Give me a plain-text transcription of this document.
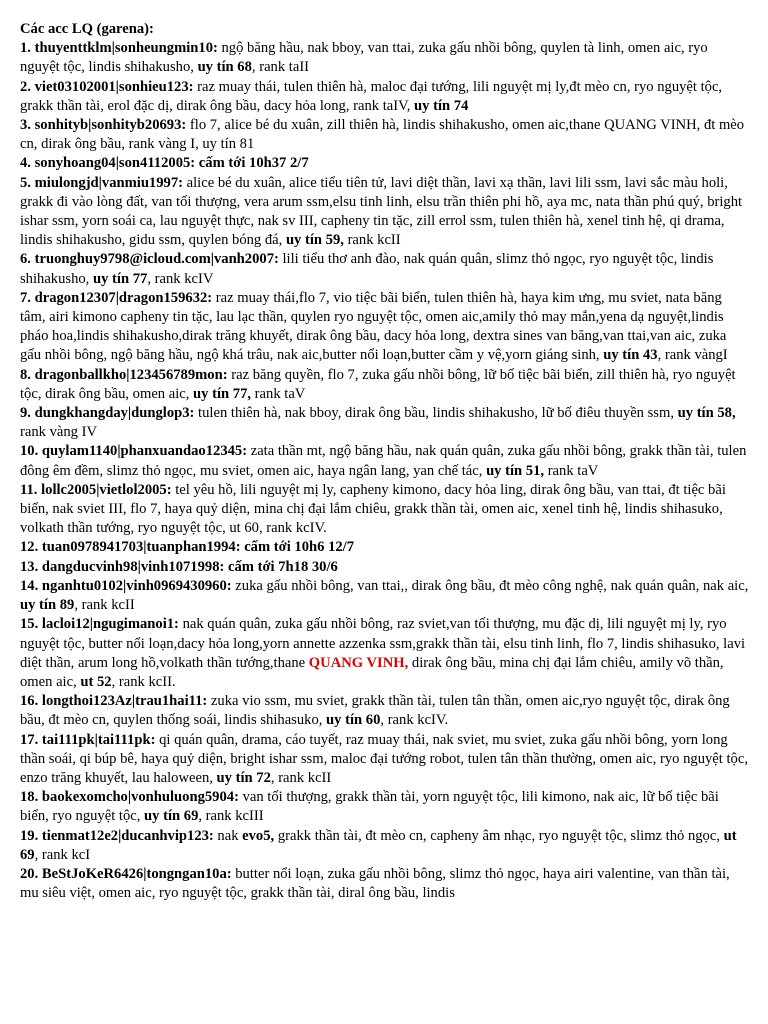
Các acc LQ (garena):

1. thuyenttklm|sonheungmin10: ngộ băng hầu, nak bboy, van ttai, zuka gấu nhồi bông, quylen tà linh, omen aic, ryo nguyệt tộc, lindis shihakusho, uy tín 68, rank taII

2. viet03102001|sonhieu123: raz muay thái, tulen thiên hà, maloc đại tướng, lili nguyệt mị ly,đt mèo cn, ryo nguyệt tộc, grakk thần tài, erol đặc dị, dirak ông bầu, dacy hỏa long, rank taIV, uy tín 74

3. sonhityb|sonhityb20693: flo 7, alice bé du xuân, zill thiên hà, lindis shihakusho, omen aic,thane QUANG VINH, đt mèo cn, dirak ông bầu, rank vàng I, uy tín 81

4. sonyhoang04|son4112005: cấm tới 10h37 2/7

5. miulongjd|vanmiu1997: alice bé du xuân, alice tiểu tiên tử, lavi diệt thần, lavi xạ thần, lavi lili ssm, lavi sắc màu holi, grakk đi vào lòng đất, van tối thượng, vera arum ssm,elsu tinh linh, elsu trần thiên phi hồ, aya mc, nata thần phú quý, bright ishar ssm, yorn soái ca, lau nguyệt thực, nak sv III, capheny tin tặc, zill errol ssm, tulen thiên hà, xenel tinh hệ, qi drama, lindis shihakusho, gidu ssm, quylen bóng đá, uy tín 59, rank kcII

6. truonghuy9798@icloud.com|vanh2007: lili tiểu thơ anh đào, nak quán quân, slimz thỏ ngọc, ryo nguyệt tộc, lindis shihakusho, uy tín 77, rank kcIV

7. dragon12307|dragon159632: raz muay thái,flo 7, vio tiệc bãi biển, tulen thiên hà, haya kim ưng, mu sviet, nata băng tâm, airi kimono capheny tin tặc, lau lạc thần, quylen ryo nguyệt tộc, omen aic,amily thỏ may mắn,yena dạ nguyệt,lindis pháo hoa,lindis shihakusho,dirak trăng khuyết, dirak ông bầu, dacy hỏa long, dextra sines van băng,van ttai,van aic, zuka gấu nhồi bông, ngộ băng hầu, ngộ khá trâu, nak aic,butter nổi loạn,butter cầm y vệ,yorn giáng sinh, uy tín 43, rank vàngI

8. dragonballkho|123456789mon: raz băng quyền, flo 7, zuka gấu nhồi bông, lữ bố tiệc bãi biển, zill thiên hà, ryo nguyệt tộc, dirak ông bầu, omen aic, uy tín 77, rank taV

9. dungkhangday|dunglop3: tulen thiên hà, nak bboy, dirak ông bầu, lindis shihakusho, lữ bố điêu thuyền ssm, uy tín 58, rank vàng IV

10. quylam1140|phanxuandao12345: zata thần mt, ngộ băng hầu, nak quán quân, zuka gấu nhồi bông, grakk thần tài, tulen đông êm đềm, slimz thỏ ngọc, mu sviet, omen aic, haya ngân lang, yan chế tác, uy tín 51, rank taV

11. lollc2005|vietlol2005: tel yêu hồ, lili nguyệt mị ly, capheny kimono, dacy hỏa ling, dirak ông bầu, van ttai, đt tiệc bãi biển, nak sviet III, flo 7, haya quỷ diện, mina chị đại lắm chiêu, grakk thần tài, omen aic, xenel tinh hệ, lindis shihasuko, volkath thần tướng, ryo nguyệt tộc, ut 60, rank kcIV.

12. tuan0978941703|tuanphan1994: cấm tới 10h6 12/7

13. dangducvinh98|vinh1071998: cấm tới 7h18 30/6

14. nganhtu0102|vinh0969430960: zuka gấu nhồi bông, van ttai,, dirak ông bầu, đt mèo công nghệ, nak quán quân, nak aic, uy tín 89, rank kcII

15. lacloi12|ngugimanoi1: nak quán quân, zuka gấu nhồi bông, raz sviet,van tối thượng, mu đặc dị, lili nguyệt mị ly, ryo nguyệt tộc, butter nổi loạn,dacy hỏa long,yorn annette azzenka ssm,grakk thần tài, elsu tinh linh, flo 7, lindis shihasuko, lavi diệt thần, arum long hồ,volkath thần tướng,thane QUANG VINH, dirak ông bầu, mina chị đại lắm chiêu, amily võ thần, omen aic, ut 52, rank kcII.

16. longthoi123Az|trau1hai11: zuka vio ssm, mu sviet, grakk thần tài, tulen tân thần, omen aic,ryo nguyệt tộc, dirak ông bầu, đt mèo cn, quylen thống soái, lindis shihasuko, uy tín 60, rank kcIV.

17. tai111pk|tai111pk: qi quán quân, drama, cáo tuyết, raz muay thái, nak sviet, mu sviet, zuka gấu nhồi bông, yorn long thần soái, qi búp bê, haya quỷ diện, bright ishar ssm, maloc đại tướng robot, tulen tân thần thường, omen aic, ryo nguyệt tộc, enzo trăng khuyết, lau haloween, uy tín 72, rank kcII

18. baokexomcho|vonhuluong5904: van tối thượng, grakk thần tài, yorn nguyệt tộc, lili kimono, nak aic, lữ bố tiệc bãi biển, ryo nguyệt tộc, uy tín 69, rank kcIII

19. tienmat12e2|ducanhvip123: nak evo5, grakk thần tài, đt mèo cn, capheny âm nhạc, ryo nguyệt tộc, slimz thỏ ngọc, ut 69, rank kcI

20. BeStJoKeR6426|tongngan10a: butter nổi loạn, zuka gấu nhồi bông, slimz thỏ ngọc, haya airi valentine, van thần tài, mu siêu việt, omen aic, ryo nguyệt tộc, grakk thần tài, diral ông bầu, lindis
